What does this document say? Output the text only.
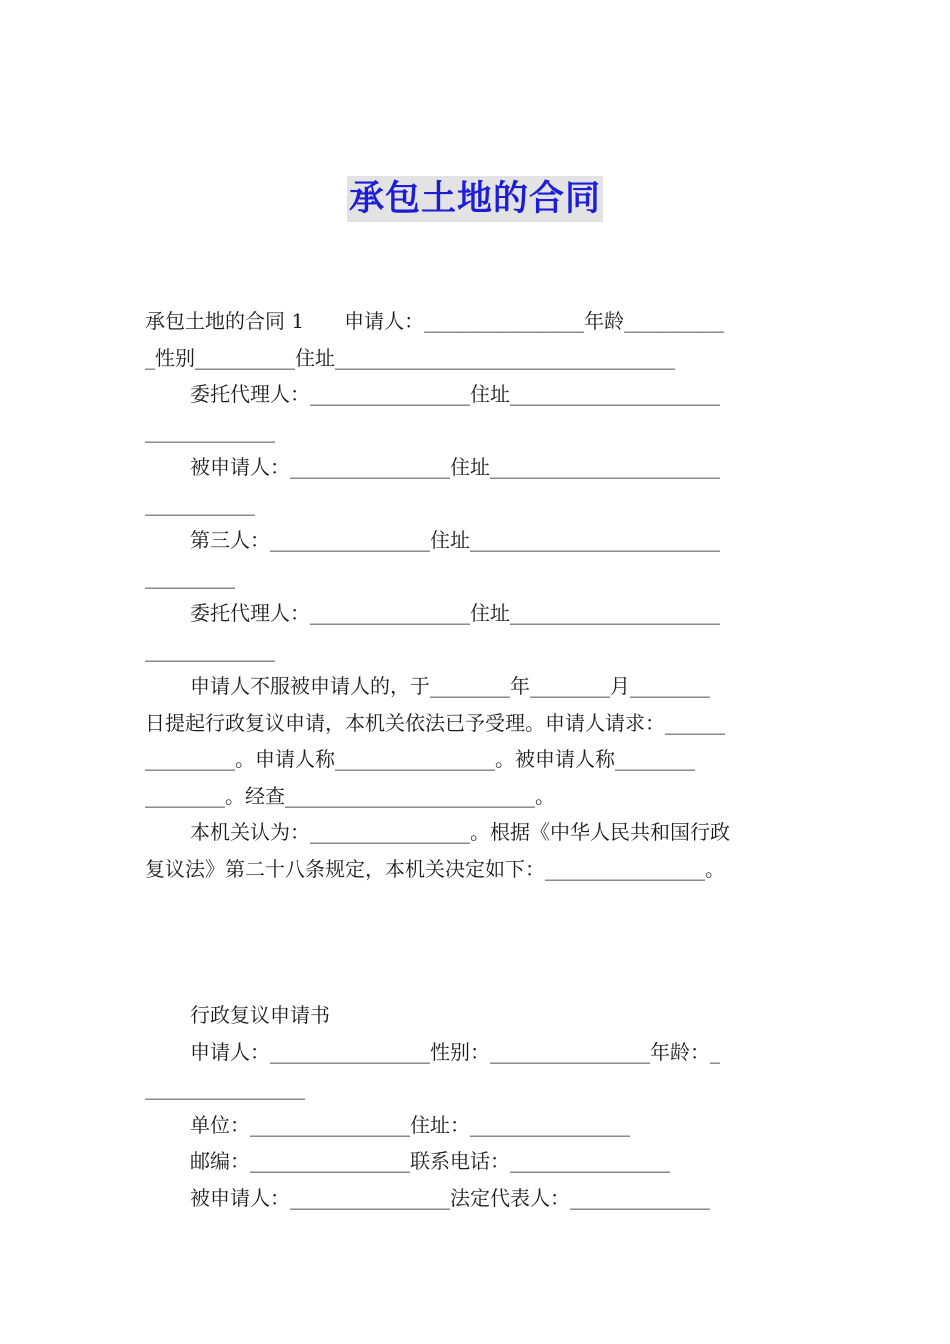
承包土地的合同
承包土地的合同 1　　申请人：________________年龄__________
_性别__________住址__________________________________
委托代理人：________________住址_____________________
_____________
被申请人：________________住址_______________________
___________
第三人：________________住址_________________________
_________
委托代理人：________________住址_____________________
_____________
申请人不服被申请人的，于________年________月________
日提起行政复议申请，本机关依法已予受理。申请人请求：______
_________。申请人称________________。被申请人称________
________。经查_________________________。
本机关认为：________________。根据《中华人民共和国行政
复议法》第二十八条规定，本机关决定如下：________________。
行政复议申请书
申请人：________________性别：________________年龄：_
________________
单位：________________住址：________________
邮编：________________联系电话：________________
被申请人：________________法定代表人：______________
